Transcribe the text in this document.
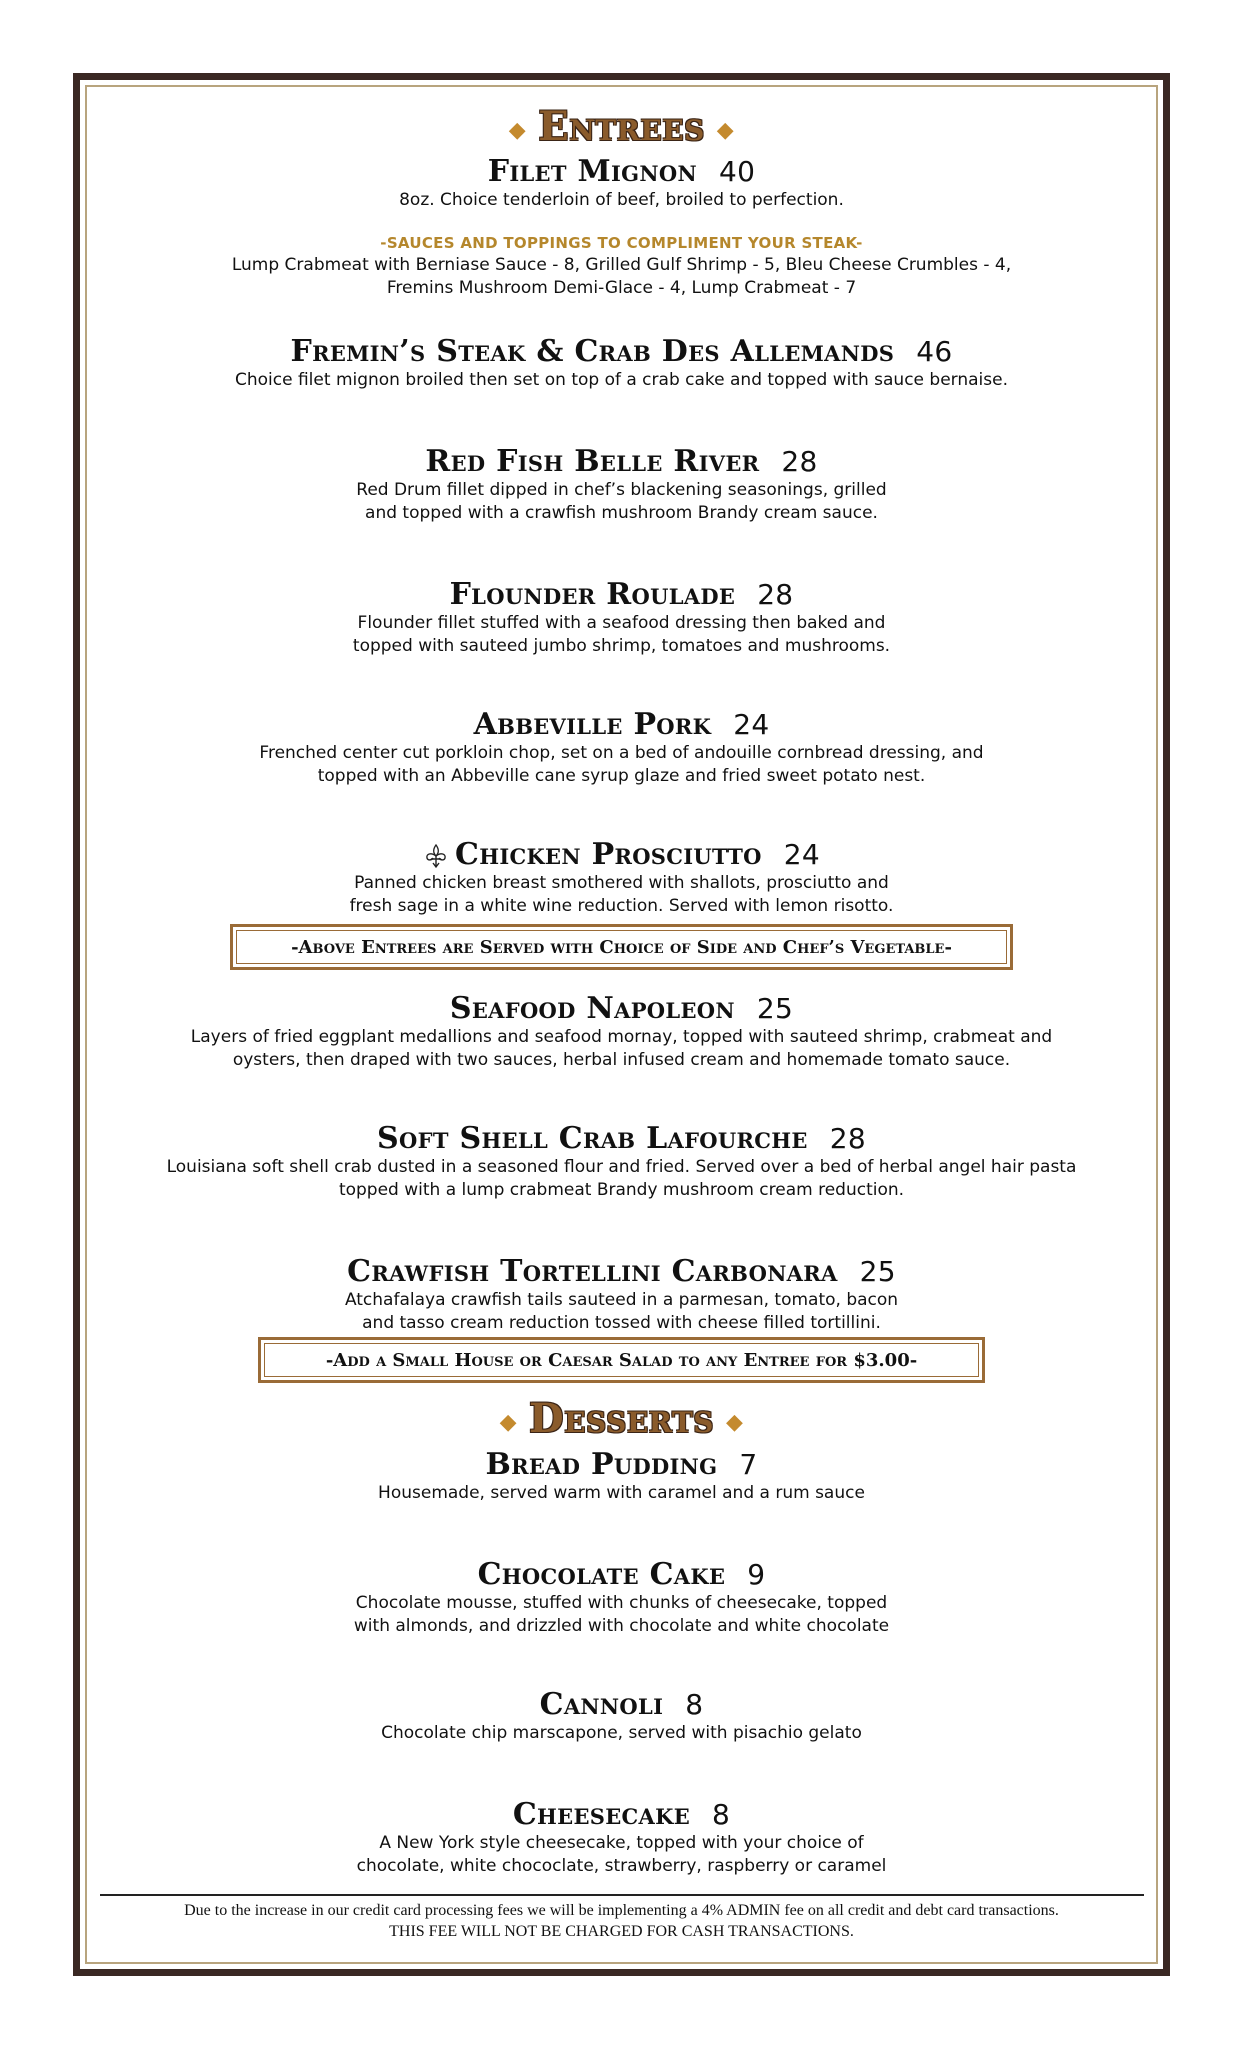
◆ Entrees ◆
Filet Mignon 40
8oz. Choice tenderloin of beef, broiled to perfection.
-SAUCES AND TOPPINGS TO COMPLIMENT YOUR STEAK-
Lump Crabmeat with Berniase Sauce - 8, Grilled Gulf Shrimp - 5, Bleu Cheese Crumbles - 4,
Fremins Mushroom Demi-Glace - 4, Lump Crabmeat - 7
Fremin’s Steak & Crab Des Allemands 46
Choice filet mignon broiled then set on top of a crab cake and topped with sauce bernaise.
Red Fish Belle River 28
Red Drum fillet dipped in chef’s blackening seasonings, grilled
and topped with a crawfish mushroom Brandy cream sauce.
Flounder Roulade 28
Flounder fillet stuffed with a seafood dressing then baked and
topped with sauteed jumbo shrimp, tomatoes and mushrooms.
Abbeville Pork 24
Frenched center cut porkloin chop, set on a bed of andouille cornbread dressing, and
topped with an Abbeville cane syrup glaze and fried sweet potato nest.
Chicken Prosciutto 24
Panned chicken breast smothered with shallots, prosciutto and
fresh sage in a white wine reduction. Served with lemon risotto.
Seafood Napoleon 25
Layers of fried eggplant medallions and seafood mornay, topped with sauteed shrimp, crabmeat and
oysters, then draped with two sauces, herbal infused cream and homemade tomato sauce.
Soft Shell Crab Lafourche 28
Louisiana soft shell crab dusted in a seasoned flour and fried. Served over a bed of herbal angel hair pasta
topped with a lump crabmeat Brandy mushroom cream reduction.
Crawfish Tortellini Carbonara 25
Atchafalaya crawfish tails sauteed in a parmesan, tomato, bacon
and tasso cream reduction tossed with cheese filled tortillini.
◆ Desserts ◆
Bread Pudding 7
Housemade, served warm with caramel and a rum sauce
Chocolate Cake 9
Chocolate mousse, stuffed with chunks of cheesecake, topped
with almonds, and drizzled with chocolate and white chocolate
Cannoli 8
Chocolate chip marscapone, served with pisachio gelato
Cheesecake 8
A New York style cheesecake, topped with your choice of
chocolate, white chococlate, strawberry, raspberry or caramel
-Above Entrees are Served with Choice of Side and Chef’s Vegetable-
-Add a Small House or Caesar Salad to any Entree for $3.00-
Due to the increase in our credit card processing fees we will be implementing a 4% ADMIN fee on all credit and debt card transactions.
THIS FEE WILL NOT BE CHARGED FOR CASH TRANSACTIONS.
